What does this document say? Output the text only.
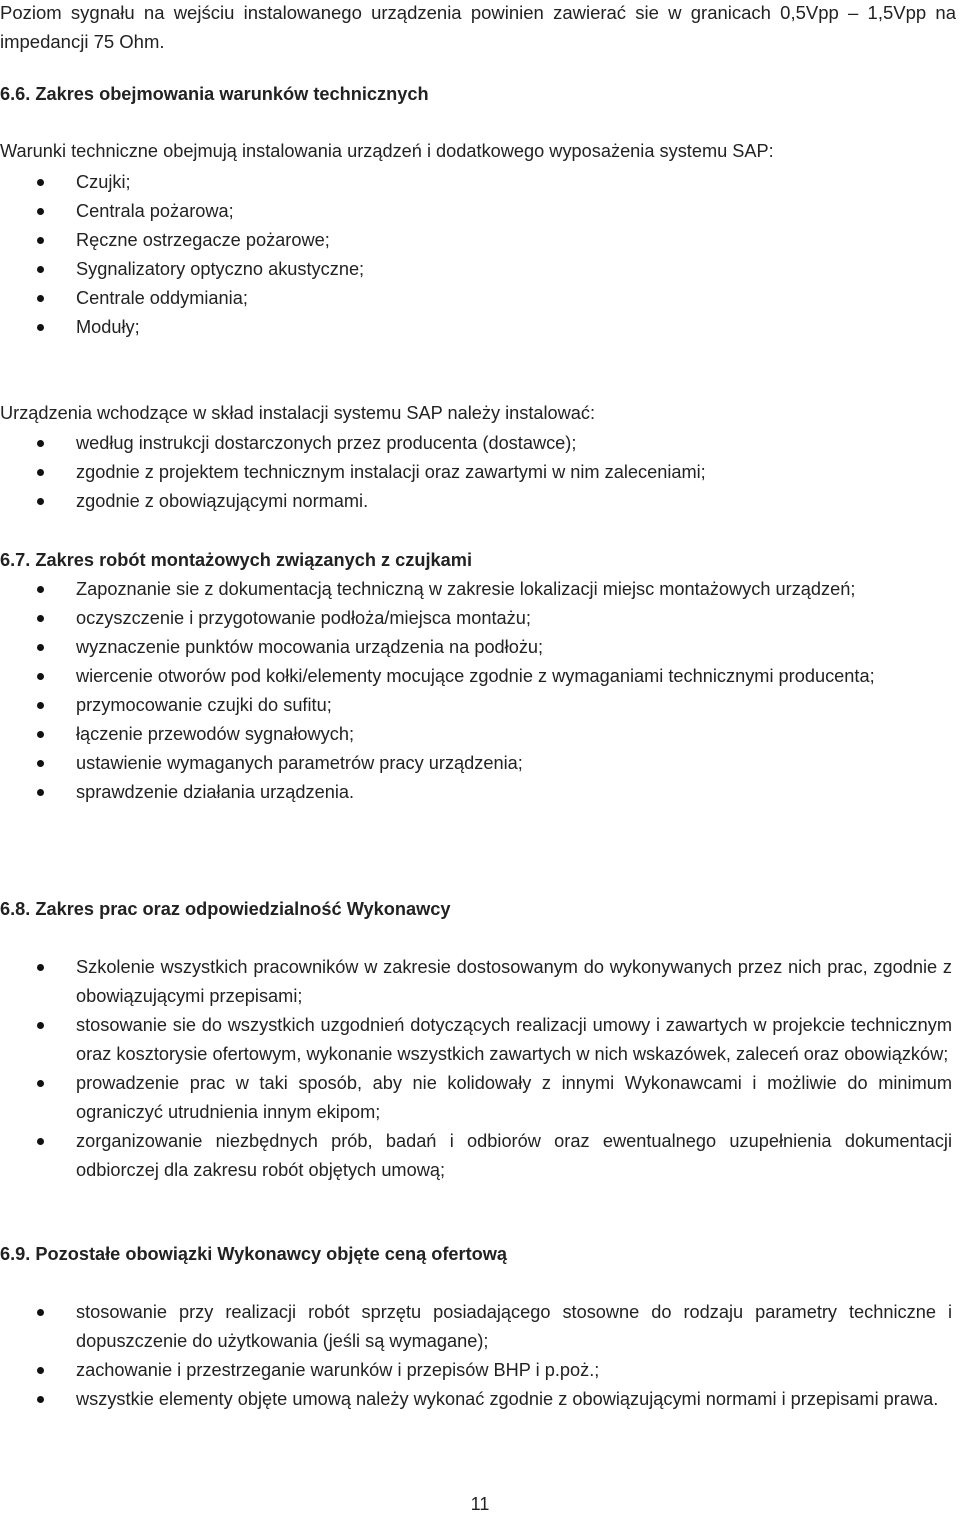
Poziom sygnału na wejściu instalowanego urządzenia powinien zawierać sie w granicach 0,5Vpp – 1,5Vpp na impedancji 75 Ohm.
6.6. Zakres obejmowania warunków technicznych
Warunki techniczne obejmują instalowania urządzeń i dodatkowego wyposażenia systemu SAP:
Czujki;
Centrala pożarowa;
Ręczne ostrzegacze pożarowe;
Sygnalizatory optyczno akustyczne;
Centrale oddymiania;
Moduły;
Urządzenia wchodzące w skład instalacji systemu SAP należy instalować:
według instrukcji dostarczonych przez producenta (dostawce);
zgodnie z projektem technicznym instalacji oraz zawartymi w nim zaleceniami;
zgodnie z obowiązującymi normami.
6.7. Zakres robót montażowych związanych z czujkami
Zapoznanie sie z dokumentacją techniczną w zakresie lokalizacji miejsc montażowych urządzeń;
oczyszczenie i przygotowanie podłoża/miejsca montażu;
wyznaczenie punktów mocowania urządzenia na podłożu;
wiercenie otworów pod kołki/elementy mocujące zgodnie z wymaganiami technicznymi producenta;
przymocowanie czujki do sufitu;
łączenie przewodów sygnałowych;
ustawienie wymaganych parametrów pracy urządzenia;
sprawdzenie działania urządzenia.
6.8. Zakres prac oraz odpowiedzialność Wykonawcy
Szkolenie wszystkich pracowników w zakresie dostosowanym do wykonywanych przez nich prac, zgodnie z obowiązującymi przepisami;
stosowanie sie do wszystkich uzgodnień dotyczących realizacji umowy i zawartych w projekcie technicznym oraz kosztorysie ofertowym, wykonanie wszystkich zawartych w nich wskazówek, zaleceń oraz obowiązków;
prowadzenie prac w taki sposób, aby nie kolidowały z innymi Wykonawcami i możliwie do minimum ograniczyć utrudnienia innym ekipom;
zorganizowanie niezbędnych prób, badań i odbiorów oraz ewentualnego uzupełnienia dokumentacji odbiorczej dla zakresu robót objętych umową;
6.9. Pozostałe obowiązki Wykonawcy objęte ceną ofertową
stosowanie przy realizacji robót sprzętu posiadającego stosowne do rodzaju parametry techniczne i dopuszczenie do użytkowania (jeśli są wymagane);
zachowanie i przestrzeganie warunków i przepisów BHP i p.poż.;
wszystkie elementy objęte umową należy wykonać zgodnie z obowiązującymi normami i przepisami prawa.
11
